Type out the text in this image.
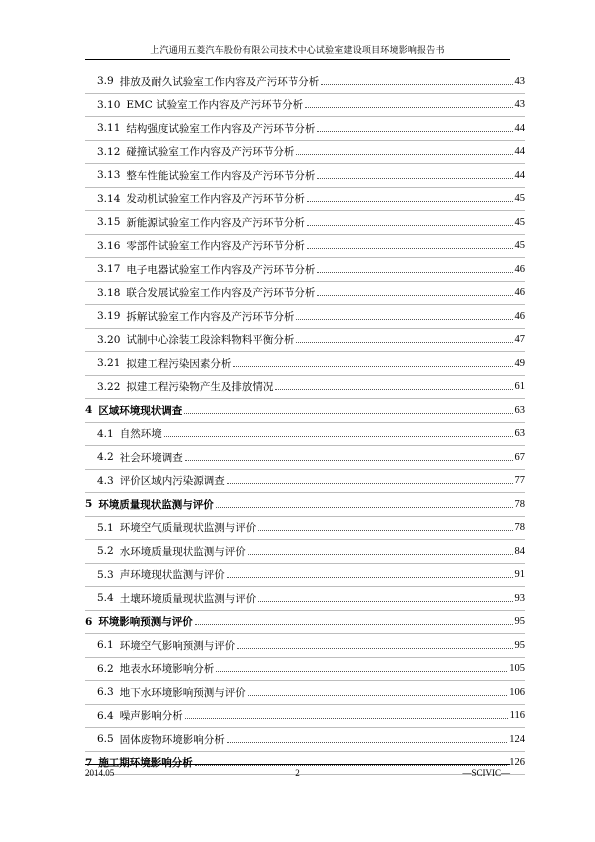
上汽通用五菱汽车股份有限公司技术中心试验室建设项目环境影响报告书
3.9 排放及耐久试验室工作内容及产污环节分析	43
3.10 EMC 试验室工作内容及产污环节分析	43
3.11 结构强度试验室工作内容及产污环节分析	44
3.12 碰撞试验室工作内容及产污环节分析	44
3.13 整车性能试验室工作内容及产污环节分析	44
3.14 发动机试验室工作内容及产污环节分析	45
3.15 新能源试验室工作内容及产污环节分析	45
3.16 零部件试验室工作内容及产污环节分析	45
3.17 电子电器试验室工作内容及产污环节分析	46
3.18 联合发展试验室工作内容及产污环节分析	46
3.19 拆解试验室工作内容及产污环节分析	46
3.20 试制中心涂装工段涂料物料平衡分析	47
3.21 拟建工程污染因素分析	49
3.22 拟建工程污染物产生及排放情况	61
4 区域环境现状调查	63
4.1 自然环境	63
4.2 社会环境调查	67
4.3 评价区域内污染源调查	77
5 环境质量现状监测与评价	78
5.1 环境空气质量现状监测与评价	78
5.2 水环境质量现状监测与评价	84
5.3 声环境现状监测与评价	91
5.4 土壤环境质量现状监测与评价	93
6 环境影响预测与评价	95
6.1 环境空气影响预测与评价	95
6.2 地表水环境影响分析	105
6.3 地下水环境影响预测与评价	106
6.4 噪声影响分析	116
6.5 固体废物环境影响分析	124
7 施工期环境影响分析	126
2014.05	2	—SCIVIC—
